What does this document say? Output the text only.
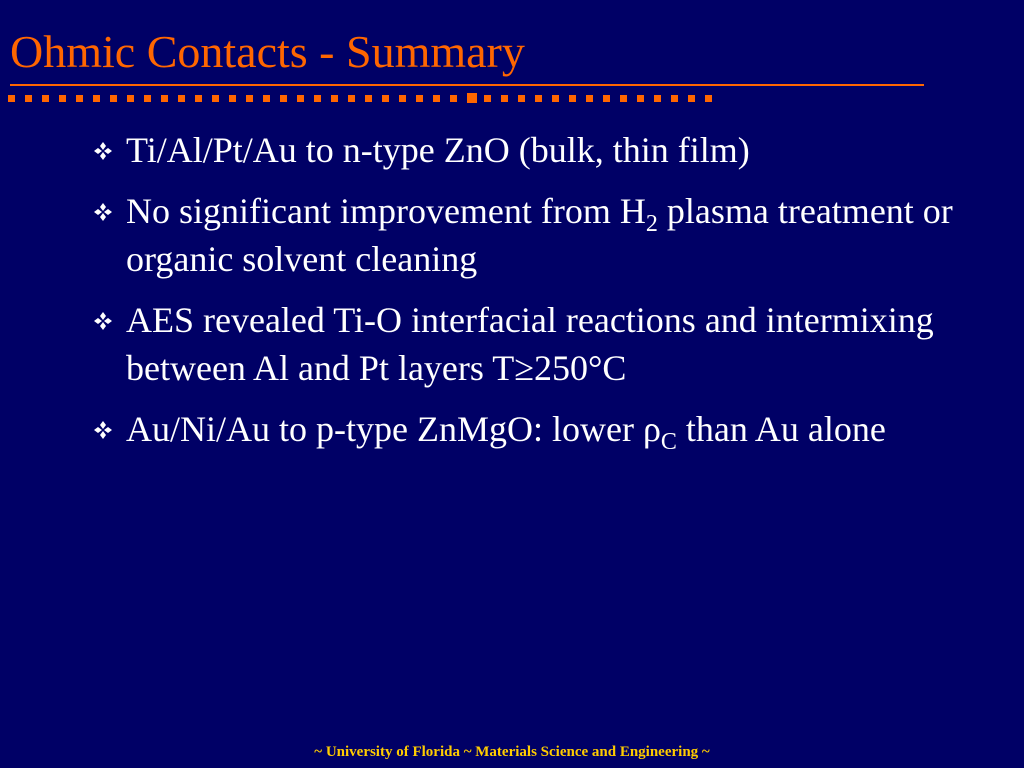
Ohmic Contacts - Summary
Ti/Al/Pt/Au to n-type ZnO (bulk, thin film)
No significant improvement from $H_2$ plasma treatment or organic solvent cleaning
AES revealed Ti-O interfacial reactions and intermixing between Al and Pt layers T≥250°C
Au/Ni/Au to p-type ZnMgO: lower $\rho_C$ than Au alone
~ University of Florida ~ Materials Science and Engineering ~
